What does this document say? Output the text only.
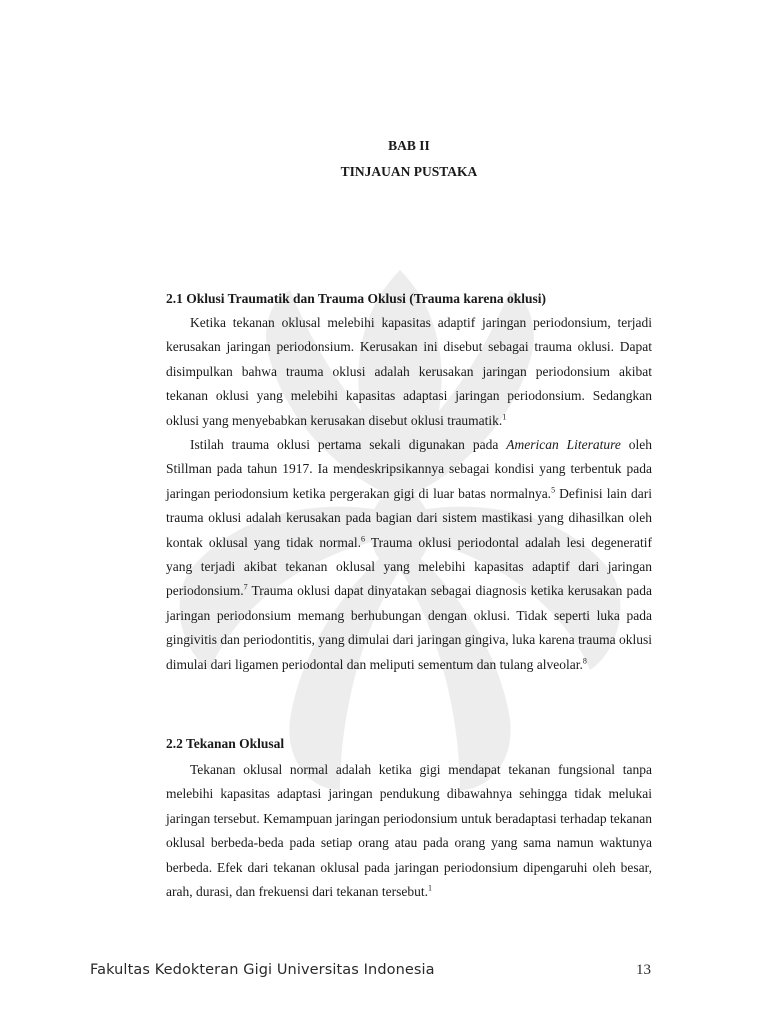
BAB II
TINJAUAN PUSTAKA

2.1 Oklusi Traumatik dan Trauma Oklusi (Trauma karena oklusi)

Ketika tekanan oklusal melebihi kapasitas adaptif jaringan periodonsium, terjadi kerusakan jaringan periodonsium. Kerusakan ini disebut sebagai trauma oklusi. Dapat disimpulkan bahwa trauma oklusi adalah kerusakan jaringan periodonsium akibat tekanan oklusi yang melebihi kapasitas adaptasi jaringan periodonsium. Sedangkan oklusi yang menyebabkan kerusakan disebut oklusi traumatik.$^1$

Istilah trauma oklusi pertama sekali digunakan pada American Literature oleh Stillman pada tahun 1917. Ia mendeskripsikannya sebagai kondisi yang terbentuk pada jaringan periodonsium ketika pergerakan gigi di luar batas normalnya.$^5$ Definisi lain dari trauma oklusi adalah kerusakan pada bagian dari sistem mastikasi yang dihasilkan oleh kontak oklusal yang tidak normal.$^6$ Trauma oklusi periodontal adalah lesi degeneratif yang terjadi akibat tekanan oklusal yang melebihi kapasitas adaptif dari jaringan periodonsium.$^7$ Trauma oklusi dapat dinyatakan sebagai diagnosis ketika kerusakan pada jaringan periodonsium memang berhubungan dengan oklusi. Tidak seperti luka pada gingivitis dan periodontitis, yang dimulai dari jaringan gingiva, luka karena trauma oklusi dimulai dari ligamen periodontal dan meliputi sementum dan tulang alveolar.$^8$

2.2 Tekanan Oklusal

Tekanan oklusal normal adalah ketika gigi mendapat tekanan fungsional tanpa melebihi kapasitas adaptasi jaringan pendukung dibawahnya sehingga tidak melukai jaringan tersebut. Kemampuan jaringan periodonsium untuk beradaptasi terhadap tekanan oklusal berbeda-beda pada setiap orang atau pada orang yang sama namun waktunya berbeda. Efek dari tekanan oklusal pada jaringan periodonsium dipengaruhi oleh besar, arah, durasi, dan frekuensi dari tekanan tersebut.$^1$

Fakultas Kedokteran Gigi Universitas Indonesia	13
